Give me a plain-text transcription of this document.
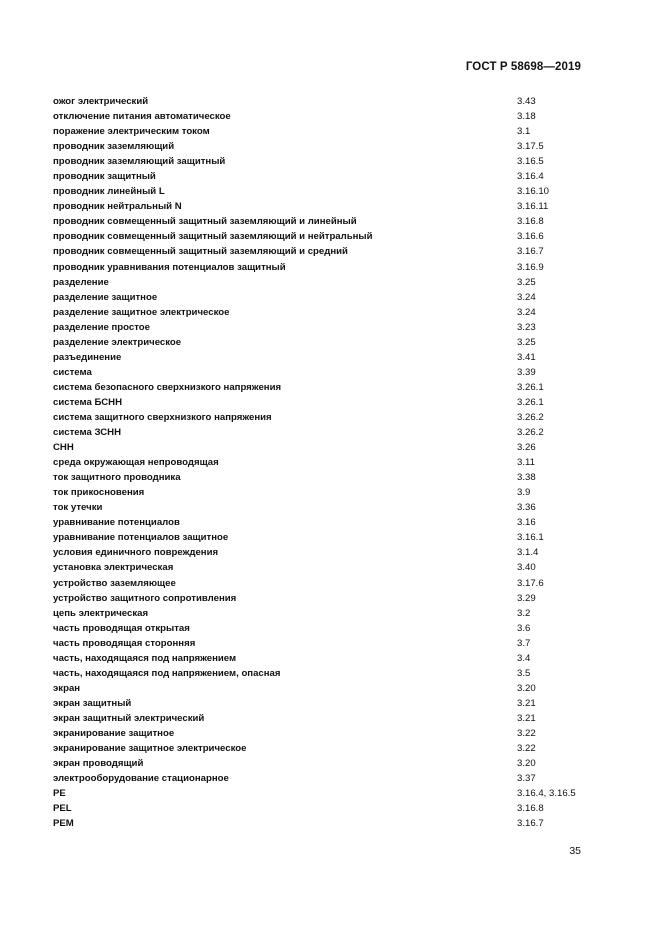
ГОСТ Р 58698—2019
ожог электрический	3.43
отключение питания автоматическое	3.18
поражение электрическим током	3.1
проводник заземляющий	3.17.5
проводник заземляющий защитный	3.16.5
проводник защитный	3.16.4
проводник линейный L	3.16.10
проводник нейтральный N	3.16.11
проводник совмещенный защитный заземляющий и линейный	3.16.8
проводник совмещенный защитный заземляющий и нейтральный	3.16.6
проводник совмещенный защитный заземляющий и средний	3.16.7
проводник уравнивания потенциалов защитный	3.16.9
разделение	3.25
разделение защитное	3.24
разделение защитное электрическое	3.24
разделение простое	3.23
разделение электрическое	3.25
разъединение	3.41
система	3.39
система безопасного сверхнизкого напряжения	3.26.1
система БСНН	3.26.1
система защитного сверхнизкого напряжения	3.26.2
система ЗСНН	3.26.2
СНН	3.26
среда окружающая непроводящая	3.11
ток защитного проводника	3.38
ток прикосновения	3.9
ток утечки	3.36
уравнивание потенциалов	3.16
уравнивание потенциалов защитное	3.16.1
условия единичного повреждения	3.1.4
установка электрическая	3.40
устройство заземляющее	3.17.6
устройство защитного сопротивления	3.29
цепь электрическая	3.2
часть проводящая открытая	3.6
часть проводящая сторонняя	3.7
часть, находящаяся под напряжением	3.4
часть, находящаяся под напряжением, опасная	3.5
экран	3.20
экран защитный	3.21
экран защитный электрический	3.21
экранирование защитное	3.22
экранирование защитное электрическое	3.22
экран проводящий	3.20
электрооборудование стационарное	3.37
PE	3.16.4, 3.16.5
PEL	3.16.8
PEM	3.16.7
35
